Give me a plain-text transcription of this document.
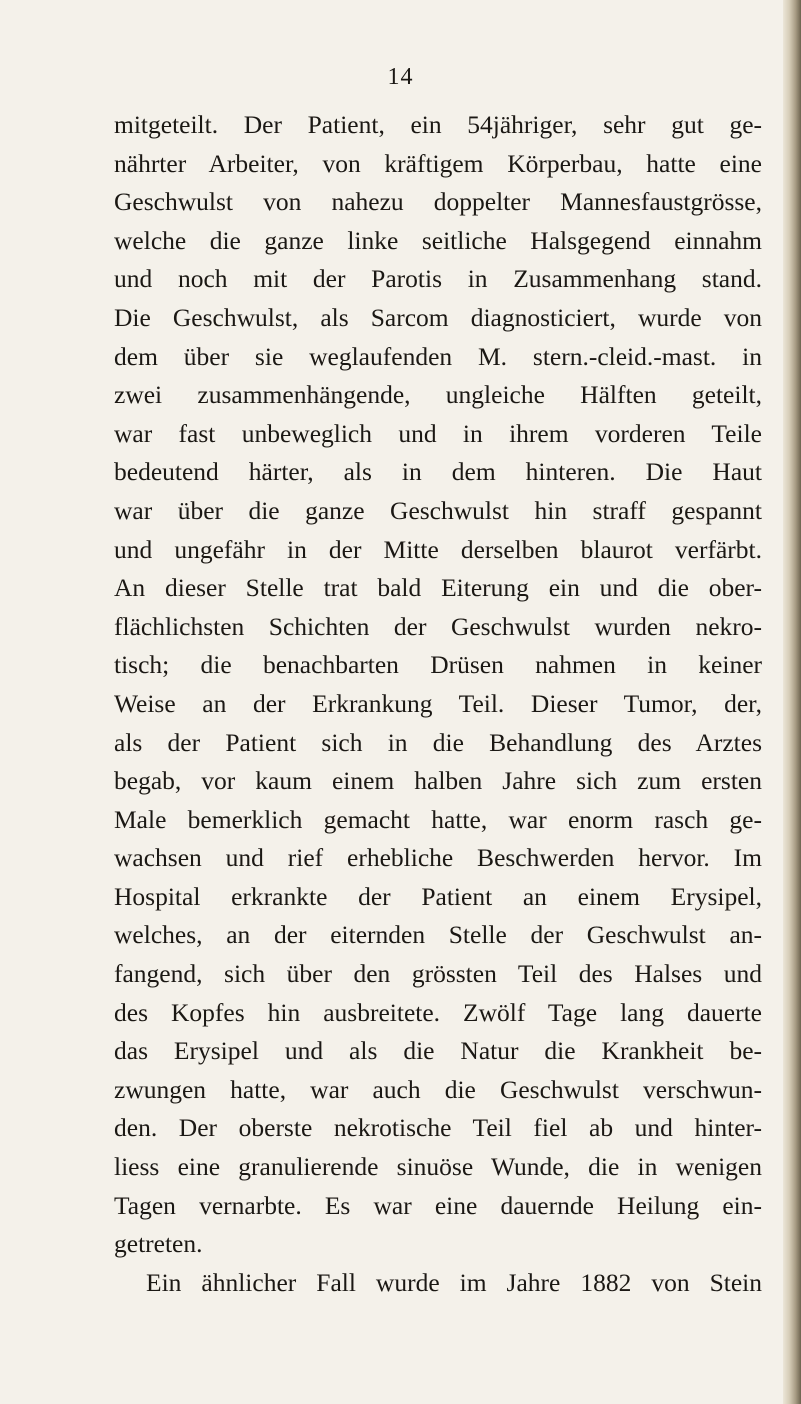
14
mitgeteilt. Der Patient, ein 54jähriger, sehr gut ge-
nährter Arbeiter, von kräftigem Körperbau, hatte eine
Geschwulst von nahezu doppelter Mannesfaustgrösse,
welche die ganze linke seitliche Halsgegend einnahm
und noch mit der Parotis in Zusammenhang stand.
Die Geschwulst, als Sarcom diagnosticiert, wurde von
dem über sie weglaufenden M. stern.-cleid.-mast. in
zwei zusammenhängende, ungleiche Hälften geteilt,
war fast unbeweglich und in ihrem vorderen Teile
bedeutend härter, als in dem hinteren. Die Haut
war über die ganze Geschwulst hin straff gespannt
und ungefähr in der Mitte derselben blaurot verfärbt.
An dieser Stelle trat bald Eiterung ein und die ober-
flächlichsten Schichten der Geschwulst wurden nekro-
tisch; die benachbarten Drüsen nahmen in keiner
Weise an der Erkrankung Teil. Dieser Tumor, der,
als der Patient sich in die Behandlung des Arztes
begab, vor kaum einem halben Jahre sich zum ersten
Male bemerklich gemacht hatte, war enorm rasch ge-
wachsen und rief erhebliche Beschwerden hervor. Im
Hospital erkrankte der Patient an einem Erysipel,
welches, an der eiternden Stelle der Geschwulst an-
fangend, sich über den grössten Teil des Halses und
des Kopfes hin ausbreitete. Zwölf Tage lang dauerte
das Erysipel und als die Natur die Krankheit be-
zwungen hatte, war auch die Geschwulst verschwun-
den. Der oberste nekrotische Teil fiel ab und hinter-
liess eine granulierende sinuöse Wunde, die in wenigen
Tagen vernarbte. Es war eine dauernde Heilung ein-
getreten.
Ein ähnlicher Fall wurde im Jahre 1882 von Stein
